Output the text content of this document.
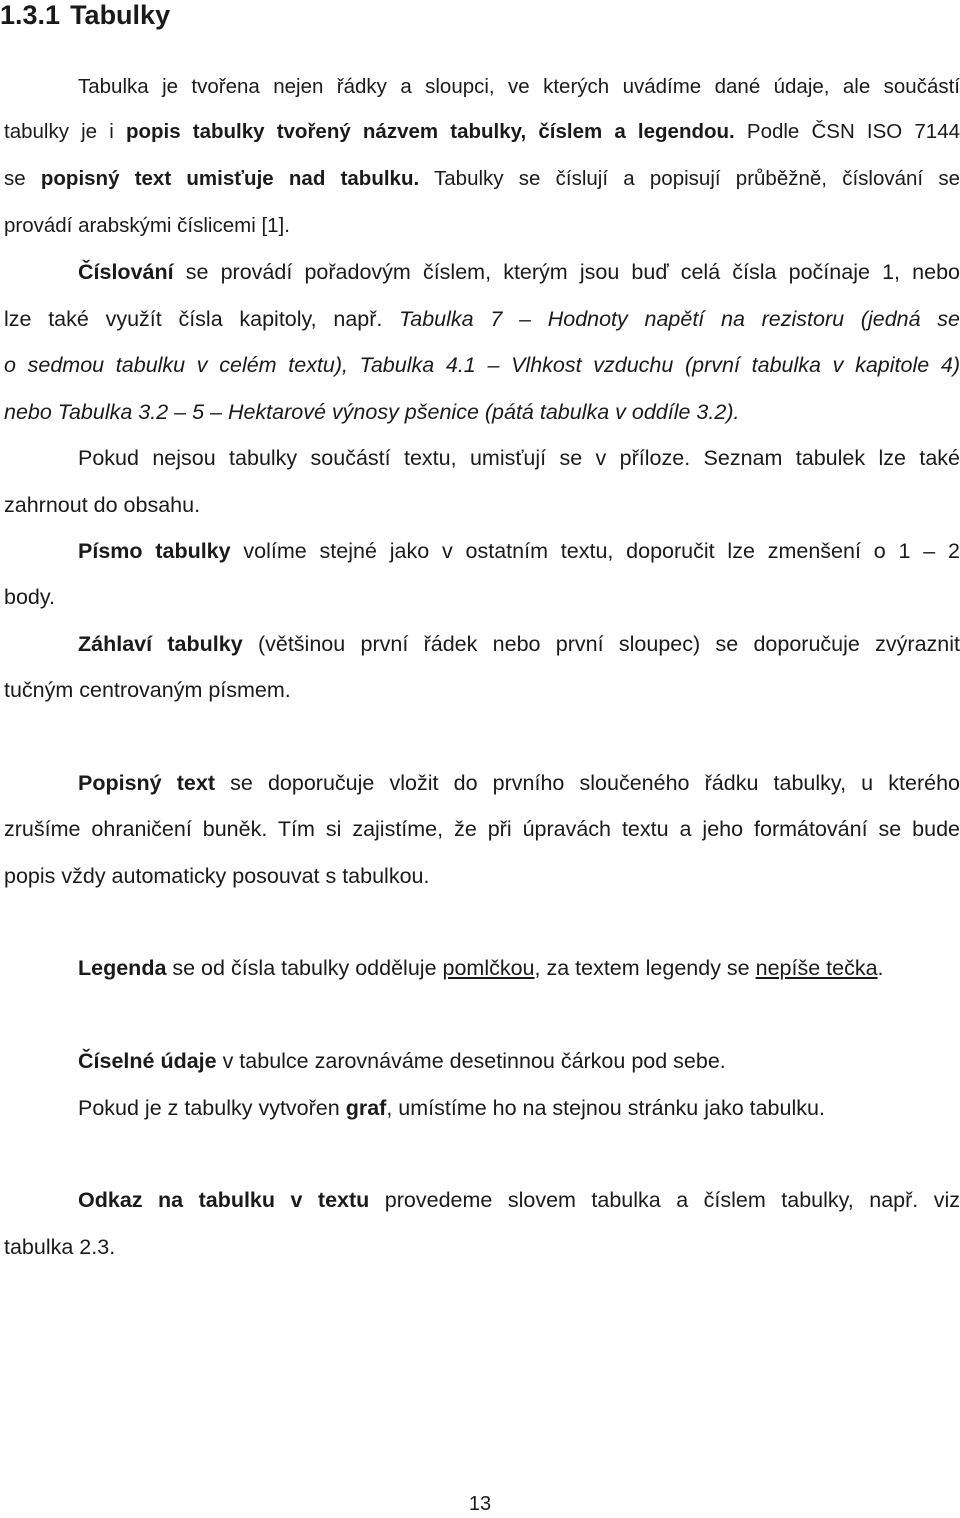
1.3.1 Tabulky
Tabulka je tvořena nejen řádky a sloupci, ve kterých uvádíme dané údaje, ale součástí
tabulky je i popis tabulky tvořený názvem tabulky, číslem a legendou. Podle ČSN ISO 7144
se popisný text umisťuje nad tabulku. Tabulky se číslují a popisují průběžně, číslování se
provádí arabskými číslicemi [1].
Číslování se provádí pořadovým číslem, kterým jsou buď celá čísla počínaje 1, nebo
lze také využít čísla kapitoly, např. Tabulka 7 – Hodnoty napětí na rezistoru (jedná se
o sedmou tabulku v celém textu), Tabulka 4.1 – Vlhkost vzduchu (první tabulka v kapitole 4)
nebo Tabulka 3.2 – 5 – Hektarové výnosy pšenice (pátá tabulka v oddíle 3.2).
Pokud nejsou tabulky součástí textu, umisťují se v příloze. Seznam tabulek lze také
zahrnout do obsahu.
Písmo tabulky volíme stejné jako v ostatním textu, doporučit lze zmenšení o 1 – 2
body.
Záhlaví tabulky (většinou první řádek nebo první sloupec) se doporučuje zvýraznit
tučným centrovaným písmem.
Popisný text se doporučuje vložit do prvního sloučeného řádku tabulky, u kterého
zrušíme ohraničení buněk. Tím si zajistíme, že při úpravách textu a jeho formátování se bude
popis vždy automaticky posouvat s tabulkou.
Legenda se od čísla tabulky odděluje pomlčkou, za textem legendy se nepíše tečka.
Číselné údaje v tabulce zarovnáváme desetinnou čárkou pod sebe.
Pokud je z tabulky vytvořen graf, umístíme ho na stejnou stránku jako tabulku.
Odkaz na tabulku v textu provedeme slovem tabulka a číslem tabulky, např. viz
tabulka 2.3.
13
